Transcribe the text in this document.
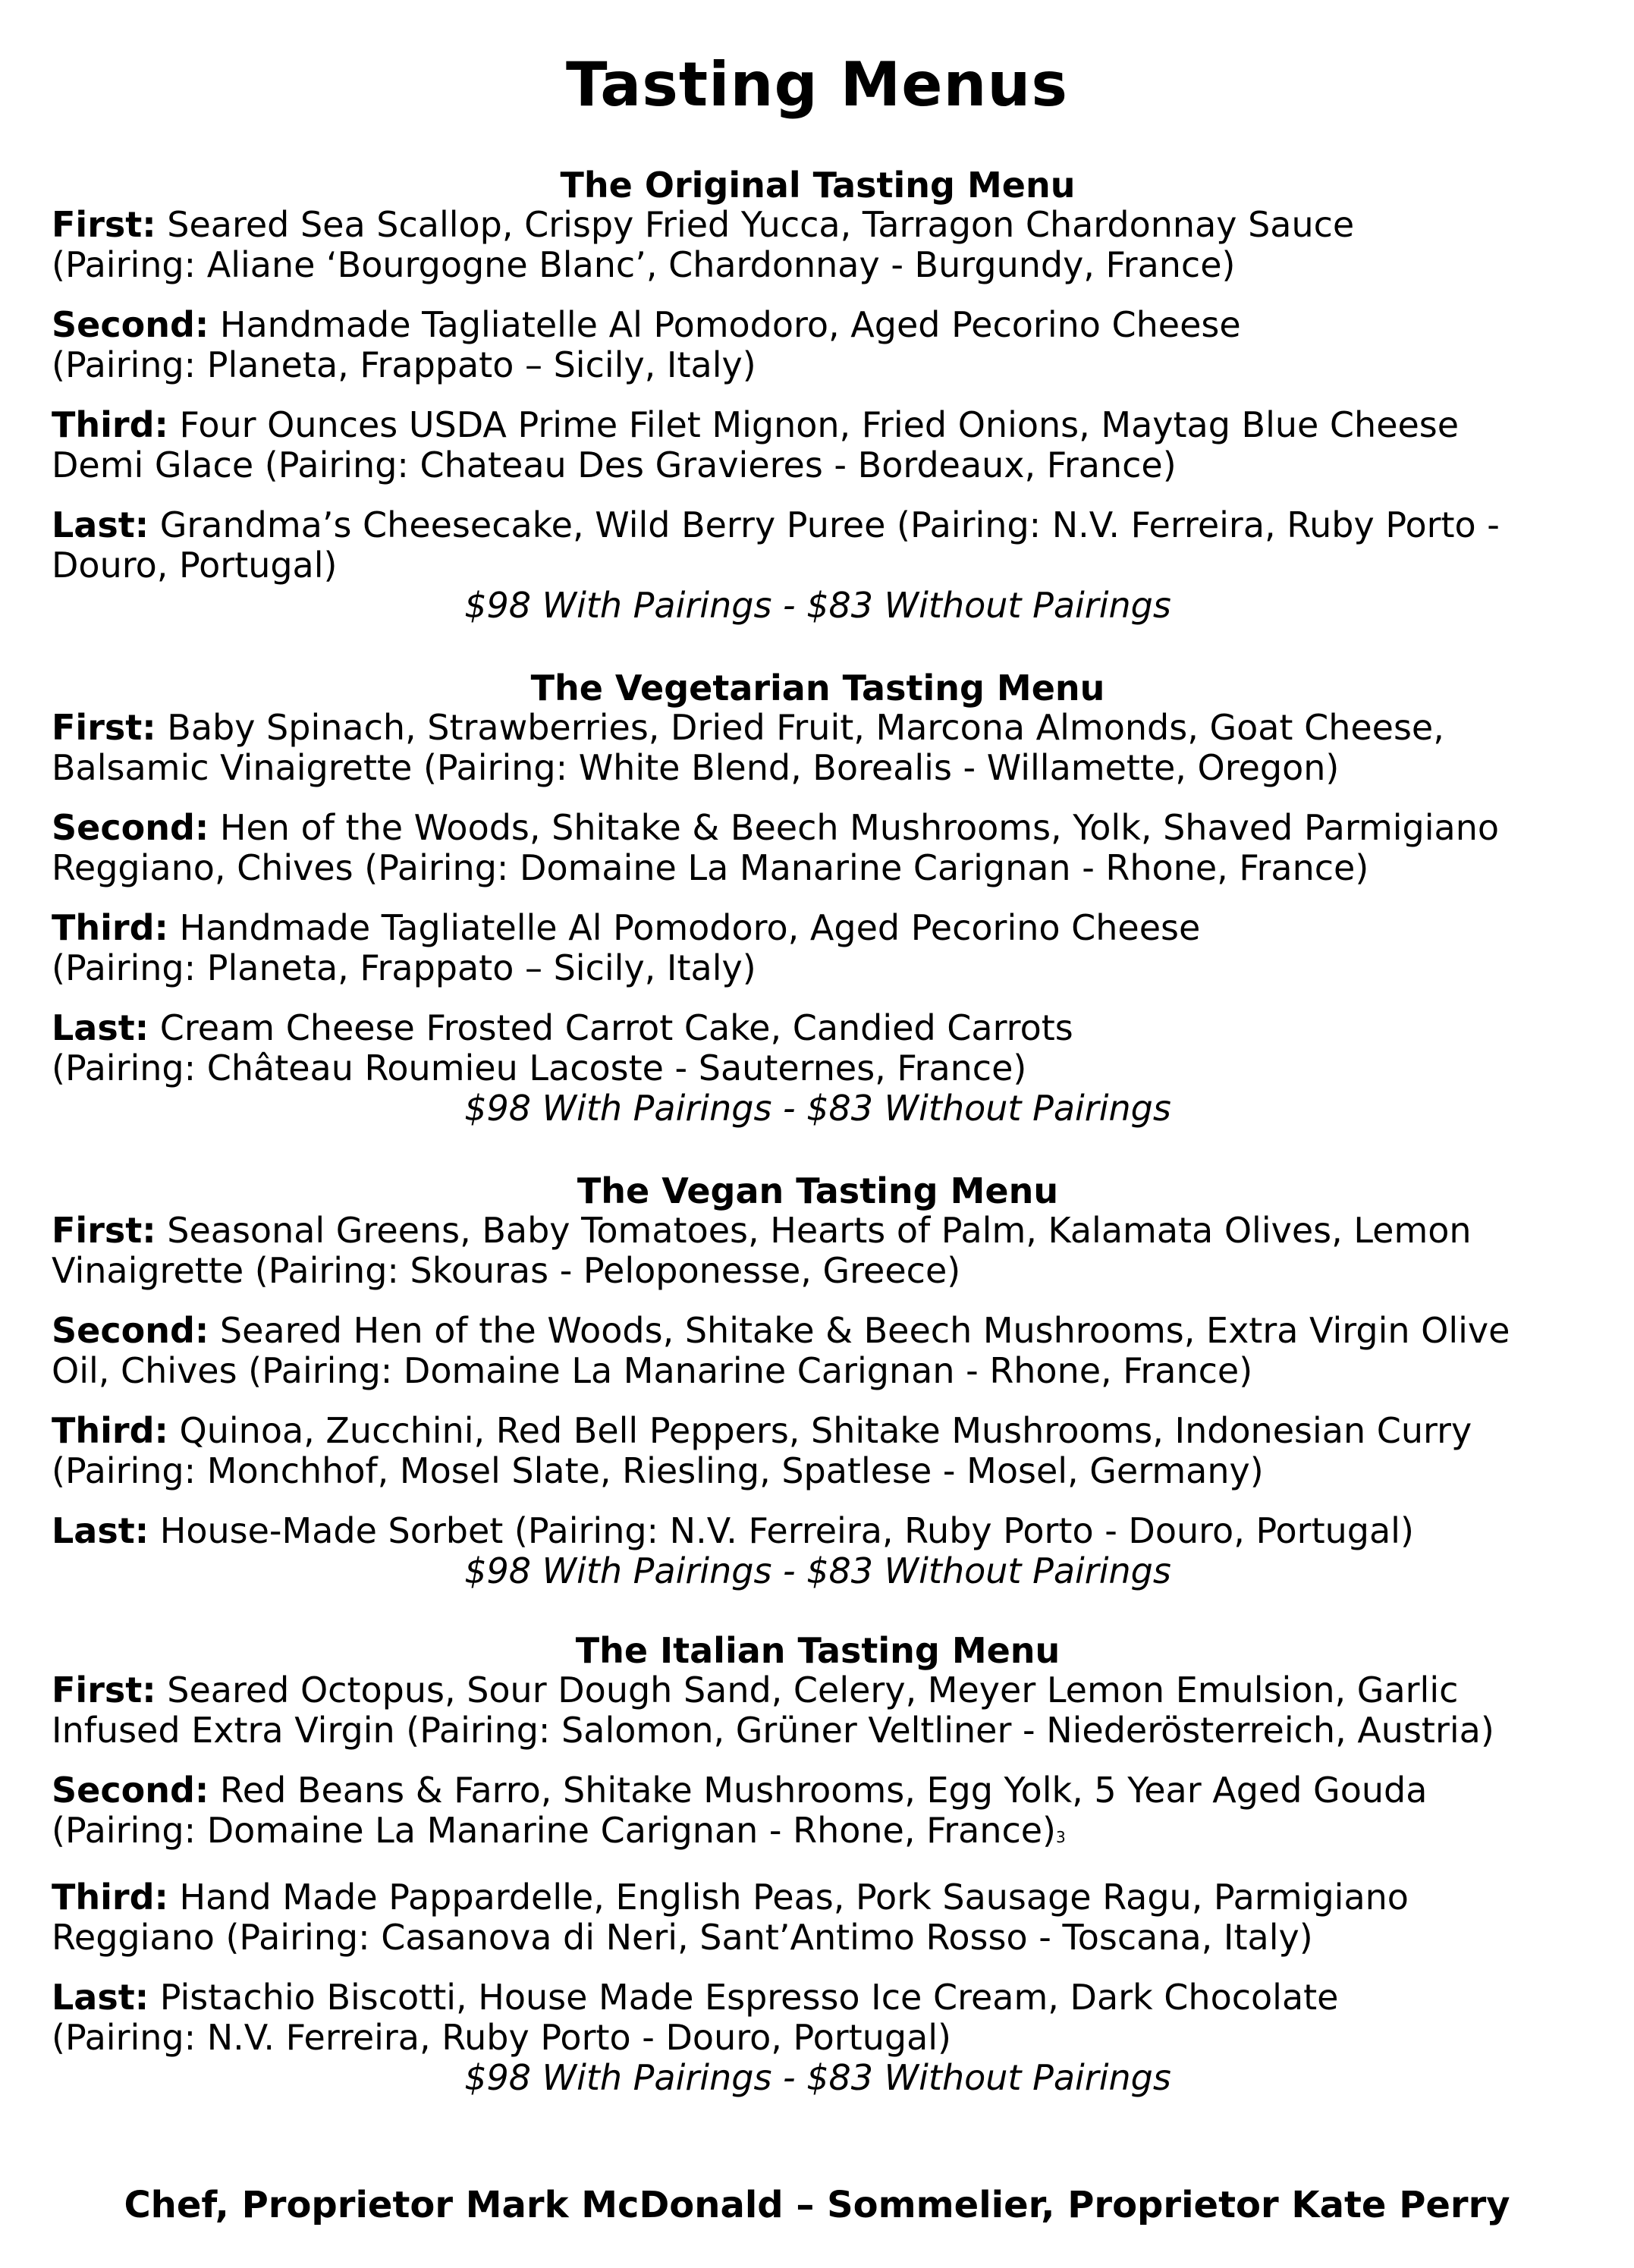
Tasting Menus
The Original Tasting Menu

First: Seared Sea Scallop, Crispy Fried Yucca, Tarragon Chardonnay Sauce
(Pairing: Aliane ‘Bourgogne Blanc’, Chardonnay - Burgundy, France)

Second: Handmade Tagliatelle Al Pomodoro, Aged Pecorino Cheese
(Pairing: Planeta, Frappato – Sicily, Italy)

Third: Four Ounces USDA Prime Filet Mignon, Fried Onions, Maytag Blue Cheese
Demi Glace (Pairing: Chateau Des Gravieres - Bordeaux, France)

Last: Grandma’s Cheesecake, Wild Berry Puree (Pairing: N.V. Ferreira, Ruby Porto -
Douro, Portugal)

$98 With Pairings - $83 Without Pairings
The Vegetarian Tasting Menu

First: Baby Spinach, Strawberries, Dried Fruit, Marcona Almonds, Goat Cheese,
Balsamic Vinaigrette (Pairing: White Blend, Borealis - Willamette, Oregon)

Second: Hen of the Woods, Shitake & Beech Mushrooms, Yolk, Shaved Parmigiano
Reggiano, Chives (Pairing: Domaine La Manarine Carignan - Rhone, France)

Third: Handmade Tagliatelle Al Pomodoro, Aged Pecorino Cheese
(Pairing: Planeta, Frappato – Sicily, Italy)

Last: Cream Cheese Frosted Carrot Cake, Candied Carrots
(Pairing: Château Roumieu Lacoste - Sauternes, France)

$98 With Pairings - $83 Without Pairings
The Vegan Tasting Menu

First: Seasonal Greens, Baby Tomatoes, Hearts of Palm, Kalamata Olives, Lemon
Vinaigrette (Pairing: Skouras - Peloponesse, Greece)

Second: Seared Hen of the Woods, Shitake & Beech Mushrooms, Extra Virgin Olive
Oil, Chives (Pairing: Domaine La Manarine Carignan - Rhone, France)

Third: Quinoa, Zucchini, Red Bell Peppers, Shitake Mushrooms, Indonesian Curry
(Pairing: Monchhof, Mosel Slate, Riesling, Spatlese - Mosel, Germany)

Last: House-Made Sorbet (Pairing: N.V. Ferreira, Ruby Porto - Douro, Portugal)

$98 With Pairings - $83 Without Pairings
The Italian Tasting Menu

First: Seared Octopus, Sour Dough Sand, Celery, Meyer Lemon Emulsion, Garlic
Infused Extra Virgin (Pairing: Salomon, Grüner Veltliner - Niederösterreich, Austria)

Second: Red Beans & Farro, Shitake Mushrooms, Egg Yolk, 5 Year Aged Gouda
(Pairing: Domaine La Manarine Carignan - Rhone, France)3

Third: Hand Made Pappardelle, English Peas, Pork Sausage Ragu, Parmigiano
Reggiano (Pairing: Casanova di Neri, Sant’Antimo Rosso - Toscana, Italy)

Last: Pistachio Biscotti, House Made Espresso Ice Cream, Dark Chocolate
(Pairing: N.V. Ferreira, Ruby Porto - Douro, Portugal)

$98 With Pairings - $83 Without Pairings
Chef, Proprietor Mark McDonald – Sommelier, Proprietor Kate Perry
